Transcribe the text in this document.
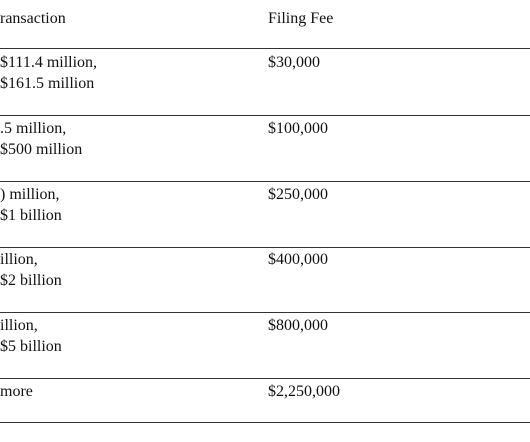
ransaction	Filing Fee
$111.4 million,
$161.5 million
$30,000
.5 million,
$500 million
$100,000
) million,
$1 billion
$250,000
illion,
$2 billion
$400,000
illion,
$5 billion
$800,000
more	$2,250,000
